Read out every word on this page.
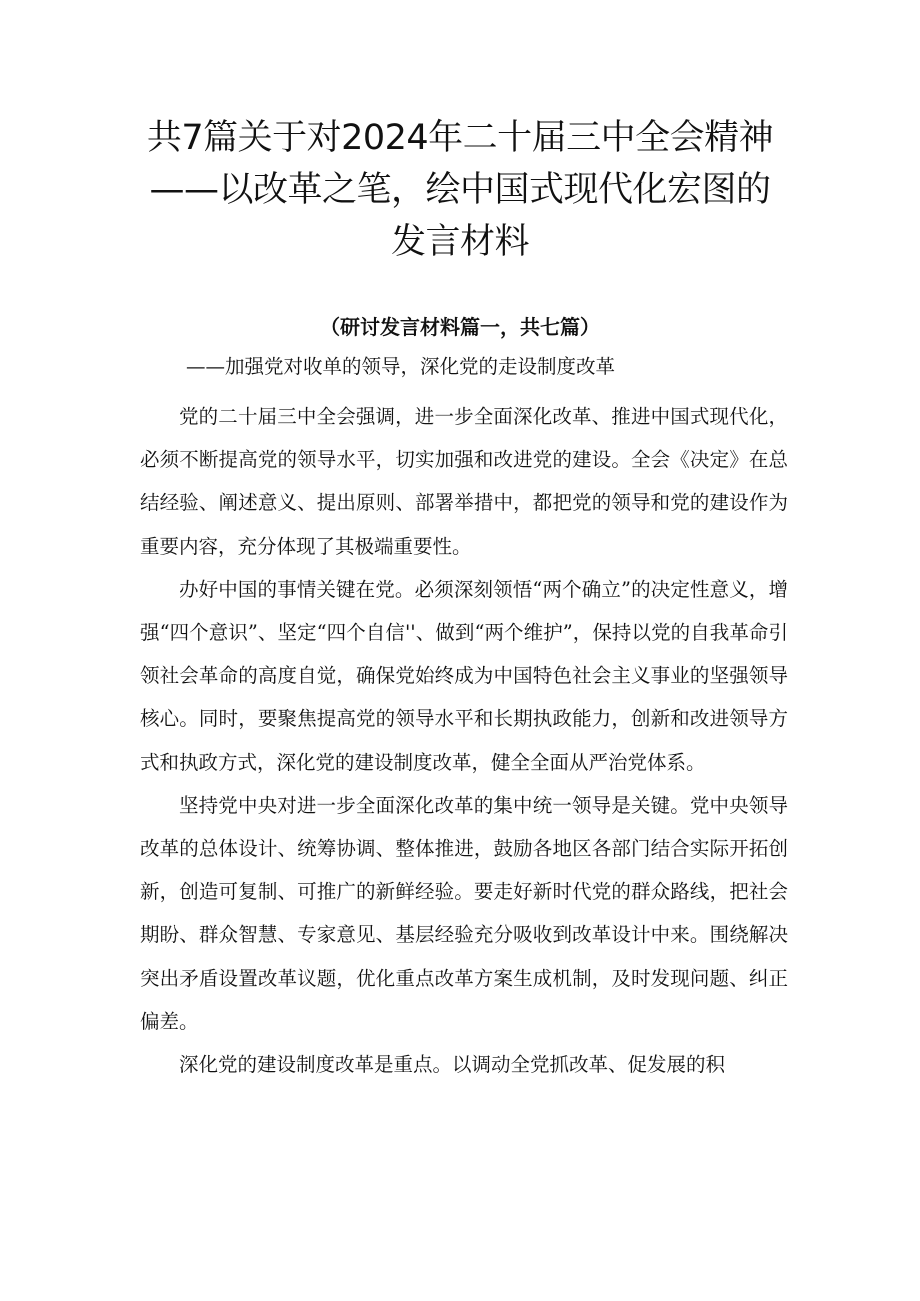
共7篇关于对2024年二十届三中全会精神
——以改革之笔，绘中国式现代化宏图的
发言材料
（研讨发言材料篇一，共七篇）
——加强党对收单的领导，深化党的走设制度改革

党的二十届三中全会强调，进一步全面深化改革、推进中国式现代化，必须不断提高党的领导水平，切实加强和改进党的建设。全会《决定》在总结经验、阐述意义、提出原则、部署举措中，都把党的领导和党的建设作为重要内容，充分体现了其极端重要性。

办好中国的事情关键在党。必须深刻领悟“两个确立”的决定性意义，增强“四个意识”、坚定“四个自信''、做到“两个维护”，保持以党的自我革命引领社会革命的高度自觉，确保党始终成为中国特色社会主义事业的坚强领导核心。同时，要聚焦提高党的领导水平和长期执政能力，创新和改进领导方式和执政方式，深化党的建设制度改革，健全全面从严治党体系。

坚持党中央对进一步全面深化改革的集中统一领导是关键。党中央领导改革的总体设计、统筹协调、整体推进，鼓励各地区各部门结合实际开拓创新，创造可复制、可推广的新鲜经验。要走好新时代党的群众路线，把社会期盼、群众智慧、专家意见、基层经验充分吸收到改革设计中来。围绕解决突出矛盾设置改革议题，优化重点改革方案生成机制，及时发现问题、纠正偏差。

深化党的建设制度改革是重点。以调动全党抓改革、促发展的积
